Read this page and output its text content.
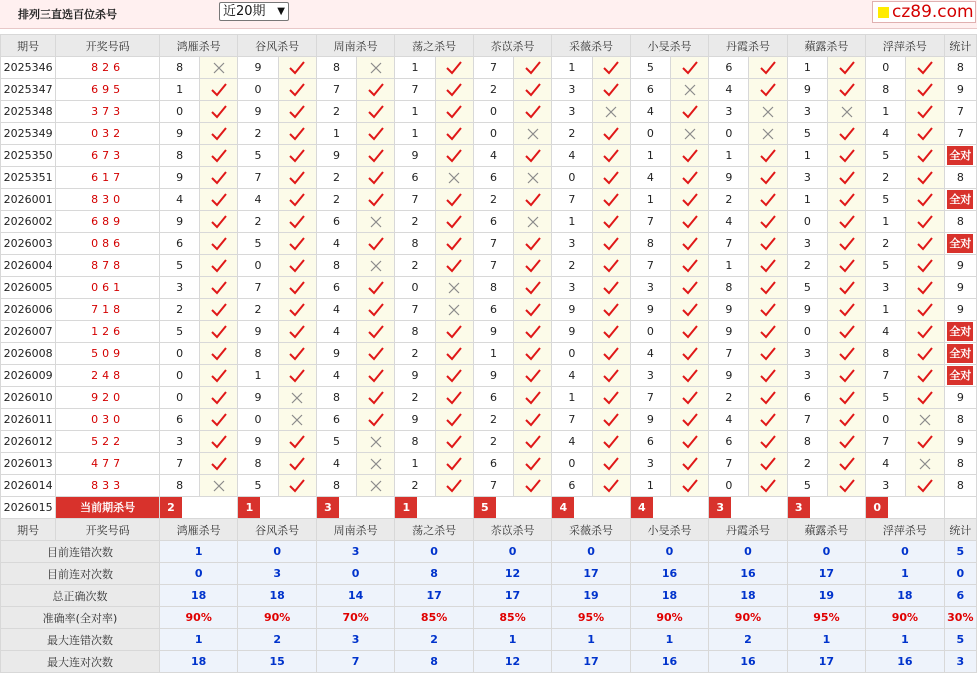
排列三直选百位杀号	近20期 ▼	cz89.com
期号	开奖号码	鸿雁杀号		谷风杀号		周南杀号		荡之杀号		苶苡杀号		采薇杀号		小旻杀号		丹霞杀号		蘋露杀号		浮萍杀号		统计
2025346	826	8		9		8		1		7		1		5		6		1		0		8
2025347	695	1		0		7		7		2		3		6		4		9		8		9
2025348	373	0		9		2		1		0		3		4		3		3		1		7
2025349	032	9		2		1		1		0		2		0		0		5		4		7
2025350	673	8		5		9		9		4		4		1		1		1		5		全对
2025351	617	9		7		2		6		6		0		4		9		3		2		8
2026001	830	4		4		2		7		2		7		1		2		1		5		全对
2026002	689	9		2		6		2		6		1		7		4		0		1		8
2026003	086	6		5		4		8		7		3		8		7		3		2		全对
2026004	878	5		0		8		2		7		2		7		1		2		5		9
2026005	061	3		7		6		0		8		3		3		8		5		3		9
2026006	718	2		2		4		7		6		9		9		9		9		1		9
2026007	126	5		9		4		8		9		9		0		9		0		4		全对
2026008	509	0		8		9		2		1		0		4		7		3		8		全对
2026009	248	0		1		4		9		9		4		3		9		3		7		全对
2026010	920	0		9		8		2		6		1		7		2		6		5		9
2026011	030	6		0		6		9		2		7		9		4		7		0		8
2026012	522	3		9		5		8		2		4		6		6		8		7		9
2026013	477	7		8		4		1		6		0		3		7		2		4		8
2026014	833	8		5		8		2		7		6		1		0		5		3		8
2026015	当前期杀号	2		1		3		1		5		4		4		3		3		0		
期号	开奖号码	鸿雁杀号		谷风杀号		周南杀号		荡之杀号		苶苡杀号		采薇杀号		小旻杀号		丹霞杀号		蘋露杀号		浮萍杀号		统计
目前连错次数		1		0		3		0		0		0		0		0		0		0		5
目前连对次数		0		3		0		8		12		17		16		16		17		1		0
总正确次数		18		18		14		17		17		19		18		18		19		18		6
准确率(全对率)		90%		90%		70%		85%		85%		95%		90%		90%		95%		90%		30%
最大连错次数		1		2		3		2		1		1		1		2		1		1		5
最大连对次数		18		15		7		8		12		17		16		16		17		16		3
